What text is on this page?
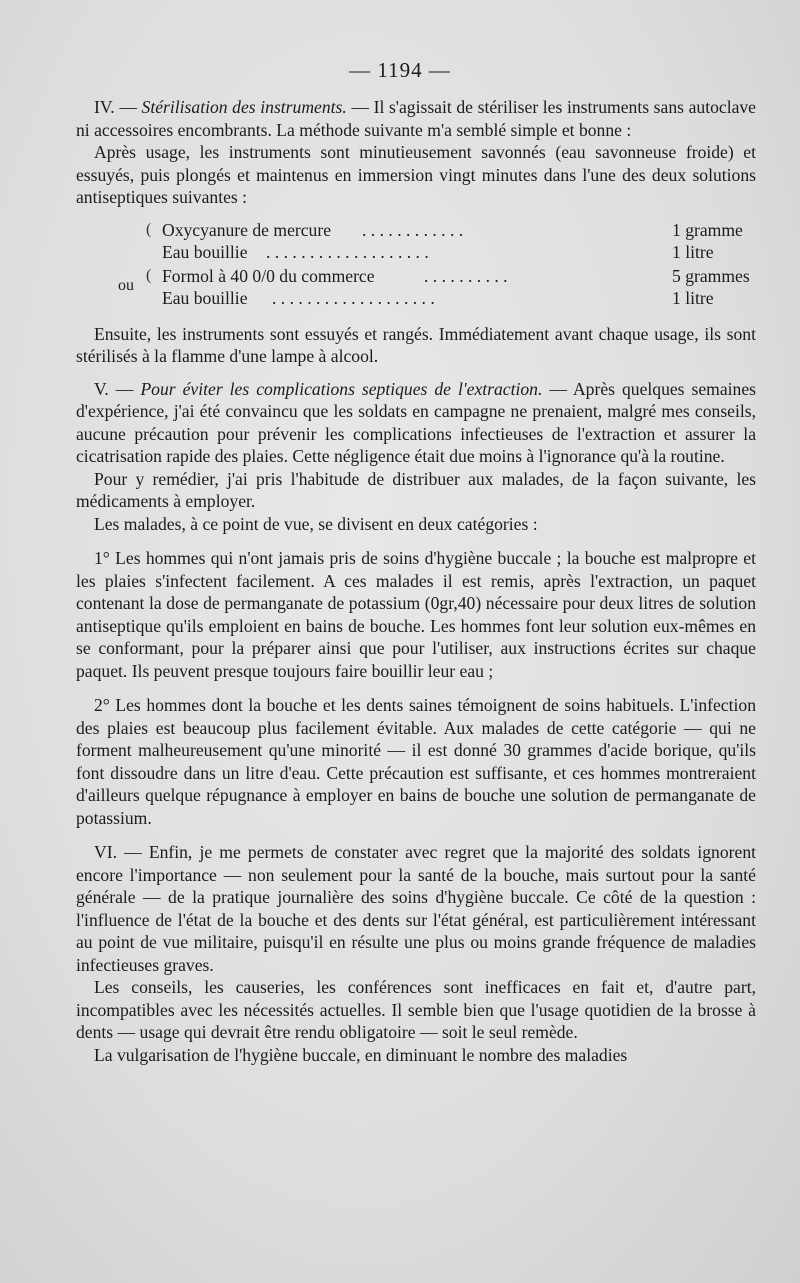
— 1194 —

IV. — Stérilisation des instruments. — Il s'agissait de stériliser les instruments sans autoclave ni accessoires encombrants. La méthode suivante m'a semblé simple et bonne :

Après usage, les instruments sont minutieusement savonnés (eau savonneuse froide) et essuyés, puis plongés et maintenus en immersion vingt minutes dans l'une des deux solutions antiseptiques suivantes :

(
(
ou
. . . . . . . . . . . .
Oxycyanure de mercure	1 gramme
. . . . . . . . . . . . . . . . . . .
Eau bouillie	1 litre
. . . . . . . . . .
Formol à 40 0/0 du commerce	5 grammes
. . . . . . . . . . . . . . . . . . .
Eau bouillie	1 litre

Ensuite, les instruments sont essuyés et rangés. Immédiatement avant chaque usage, ils sont stérilisés à la flamme d'une lampe à alcool.

V. — Pour éviter les complications septiques de l'extraction. — Après quelques semaines d'expérience, j'ai été convaincu que les soldats en campagne ne prenaient, malgré mes conseils, aucune précaution pour prévenir les complications infectieuses de l'extraction et assurer la cicatrisation rapide des plaies. Cette négligence était due moins à l'ignorance qu'à la routine.

Pour y remédier, j'ai pris l'habitude de distribuer aux malades, de la façon suivante, les médicaments à employer.

Les malades, à ce point de vue, se divisent en deux catégories :

1° Les hommes qui n'ont jamais pris de soins d'hygiène buccale ; la bouche est malpropre et les plaies s'infectent facilement. A ces malades il est remis, après l'extraction, un paquet contenant la dose de permanganate de potassium (0gr,40) nécessaire pour deux litres de solution antiseptique qu'ils emploient en bains de bouche. Les hommes font leur solution eux-mêmes en se conformant, pour la préparer ainsi que pour l'utiliser, aux instructions écrites sur chaque paquet. Ils peuvent presque toujours faire bouillir leur eau ;

2° Les hommes dont la bouche et les dents saines témoignent de soins habituels. L'infection des plaies est beaucoup plus facilement évitable. Aux malades de cette catégorie — qui ne forment malheureusement qu'une minorité — il est donné 30 grammes d'acide borique, qu'ils font dissoudre dans un litre d'eau. Cette précaution est suffisante, et ces hommes montreraient d'ailleurs quelque répugnance à employer en bains de bouche une solution de permanganate de potassium.

VI. — Enfin, je me permets de constater avec regret que la majorité des soldats ignorent encore l'importance — non seulement pour la santé de la bouche, mais surtout pour la santé générale — de la pratique journalière des soins d'hygiène buccale. Ce côté de la question : l'influence de l'état de la bouche et des dents sur l'état général, est particulièrement intéressant au point de vue militaire, puisqu'il en résulte une plus ou moins grande fréquence de maladies infectieuses graves.

Les conseils, les causeries, les conférences sont inefficaces en fait et, d'autre part, incompatibles avec les nécessités actuelles. Il semble bien que l'usage quotidien de la brosse à dents — usage qui devrait être rendu obligatoire — soit le seul remède.

La vulgarisation de l'hygiène buccale, en diminuant le nombre des maladies
